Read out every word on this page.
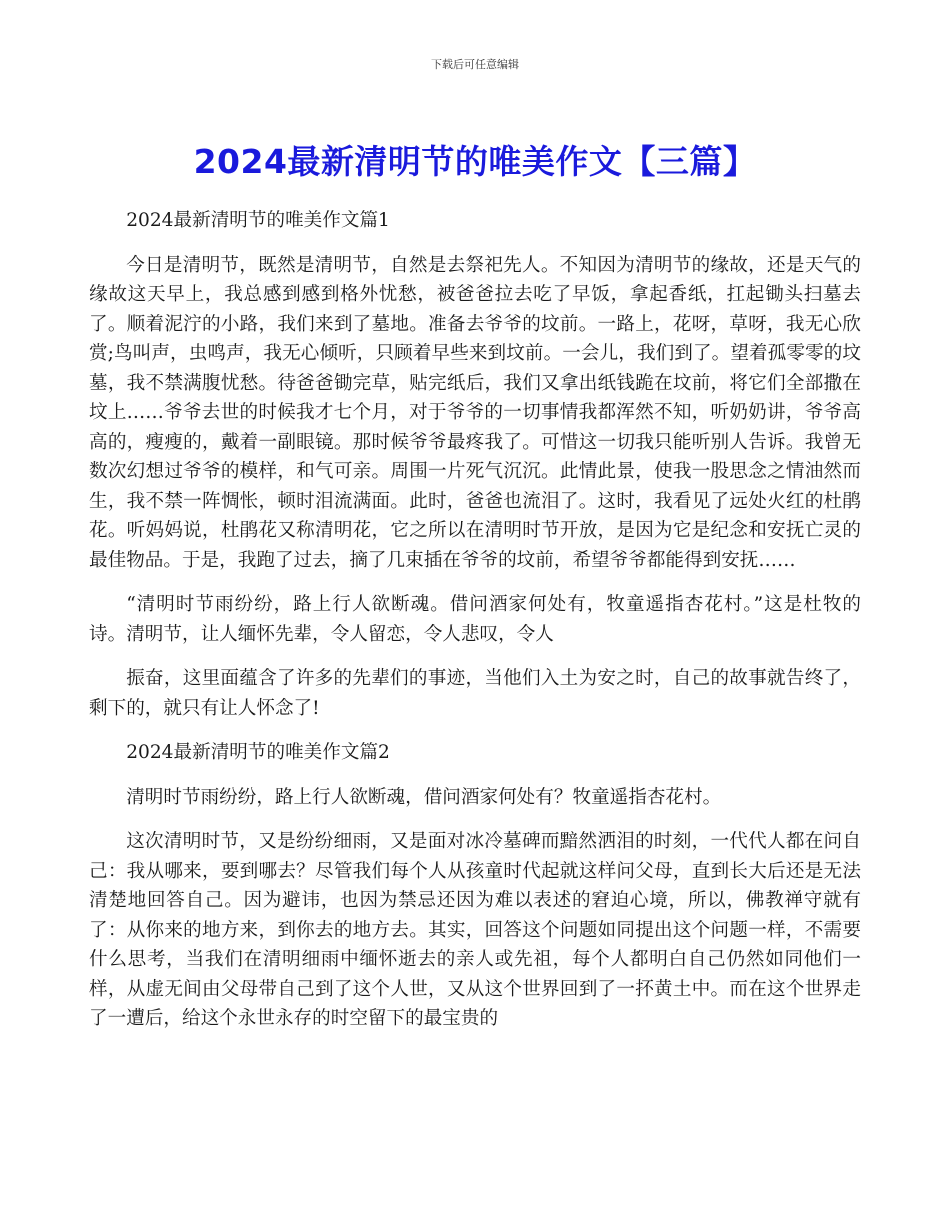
下载后可任意编辑

2024最新清明节的唯美作文【三篇】

2024最新清明节的唯美作文篇1

今日是清明节，既然是清明节，自然是去祭祀先人。不知因为清明节的缘故，还是天气的缘故这天早上，我总感到感到格外忧愁，被爸爸拉去吃了早饭，拿起香纸，扛起锄头扫墓去了。顺着泥泞的小路，我们来到了墓地。准备去爷爷的坟前。一路上，花呀，草呀，我无心欣赏;鸟叫声，虫鸣声，我无心倾听，只顾着早些来到坟前。一会儿，我们到了。望着孤零零的坟墓，我不禁满腹忧愁。待爸爸锄完草，贴完纸后，我们又拿出纸钱跪在坟前，将它们全部撒在坟上……爷爷去世的时候我才七个月，对于爷爷的一切事情我都浑然不知，听奶奶讲，爷爷高高的，瘦瘦的，戴着一副眼镜。那时候爷爷最疼我了。可惜这一切我只能听别人告诉。我曾无数次幻想过爷爷的模样，和气可亲。周围一片死气沉沉。此情此景，使我一股思念之情油然而生，我不禁一阵惆怅，顿时泪流满面。此时，爸爸也流泪了。这时，我看见了远处火红的杜鹃花。听妈妈说，杜鹃花又称清明花，它之所以在清明时节开放，是因为它是纪念和安抚亡灵的最佳物品。于是，我跑了过去，摘了几束插在爷爷的坟前，希望爷爷都能得到安抚……

“清明时节雨纷纷，路上行人欲断魂。借问酒家何处有，牧童遥指杏花村。”这是杜牧的诗。清明节，让人缅怀先辈，令人留恋，令人悲叹，令人

振奋，这里面蕴含了许多的先辈们的事迹，当他们入土为安之时，自己的故事就告终了，剩下的，就只有让人怀念了!

2024最新清明节的唯美作文篇2

清明时节雨纷纷，路上行人欲断魂，借问酒家何处有？牧童遥指杏花村。

这次清明时节，又是纷纷细雨，又是面对冰冷墓碑而黯然洒泪的时刻，一代代人都在问自己：我从哪来，要到哪去？尽管我们每个人从孩童时代起就这样问父母，直到长大后还是无法清楚地回答自己。因为避讳，也因为禁忌还因为难以表述的窘迫心境，所以，佛教禅守就有了：从你来的地方来，到你去的地方去。其实，回答这个问题如同提出这个问题一样，不需要什么思考，当我们在清明细雨中缅怀逝去的亲人或先祖，每个人都明白自己仍然如同他们一样，从虚无间由父母带自己到了这个人世，又从这个世界回到了一抔黄土中。而在这个世界走了一遭后，给这个永世永存的时空留下的最宝贵的
